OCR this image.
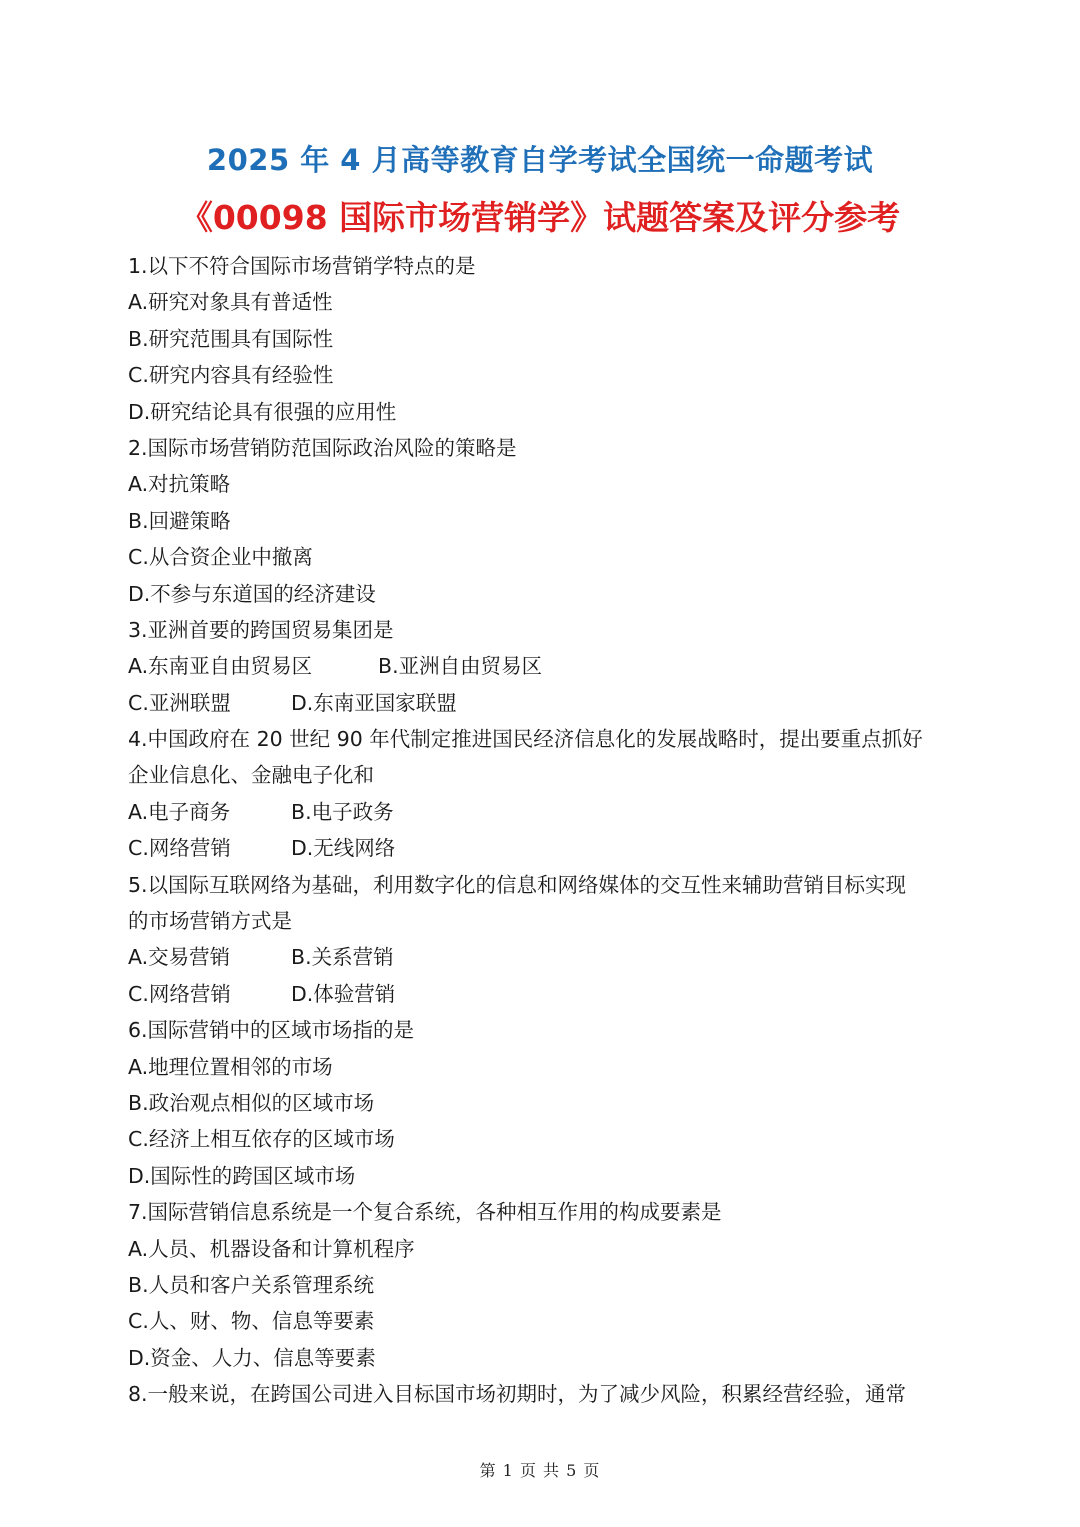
2025 年 4 月高等教育自学考试全国统一命题考试
《00098 国际市场营销学》试题答案及评分参考
1.以下不符合国际市场营销学特点的是
A.研究对象具有普适性
B.研究范围具有国际性
C.研究内容具有经验性
D.研究结论具有很强的应用性
2.国际市场营销防范国际政治风险的策略是
A.对抗策略
B.回避策略
C.从合资企业中撤离
D.不参与东道国的经济建设
3.亚洲首要的跨国贸易集团是
A.东南亚自由贸易区	B.亚洲自由贸易区
C.亚洲联盟	D.东南亚国家联盟
4.中国政府在 20 世纪 90 年代制定推进国民经济信息化的发展战略时，提出要重点抓好
企业信息化、金融电子化和
A.电子商务	B.电子政务
C.网络营销	D.无线网络
5.以国际互联网络为基础，利用数字化的信息和网络媒体的交互性来辅助营销目标实现
的市场营销方式是
A.交易营销	B.关系营销
C.网络营销	D.体验营销
6.国际营销中的区域市场指的是
A.地理位置相邻的市场
B.政治观点相似的区域市场
C.经济上相互依存的区域市场
D.国际性的跨国区域市场
7.国际营销信息系统是一个复合系统，各种相互作用的构成要素是
A.人员、机器设备和计算机程序
B.人员和客户关系管理系统
C.人、财、物、信息等要素
D.资金、人力、信息等要素
8.一般来说，在跨国公司进入目标国市场初期时，为了减少风险，积累经营经验，通常
第 1 页 共 5 页
